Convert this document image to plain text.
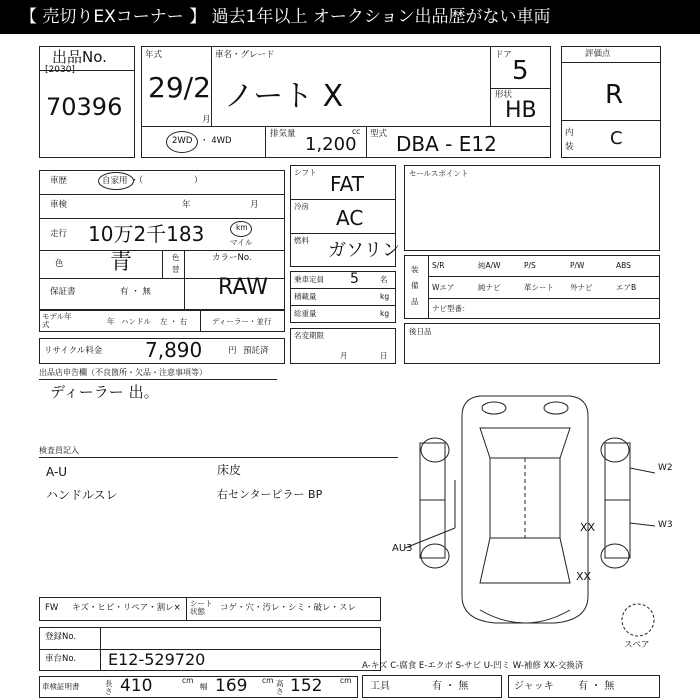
【 売切りEXコーナー 】 過去1年以上 オークション出品歴がない車両
出品No.
[2030]
70396
年式
29/2
月
車名・グレード
ノート X
ドア
5
形状
HB
2WD ・ 4WD
排気量 1,200
cc 型式 DBA - E12
評価点
R
内装 C
車歴	自家用 ・（　　　　　　）
車検	年	月
走行 10万2千183	km
マイル
色 青	色替
カラーNo.
RAW
保証書	有 ・ 無
モデル年式	年 ハンドル 左 ・ 右	ディーラー・並行
リサイクル料金 7,890	円 預託済
シフト FAT
冷房 AC
燃料 ガソリン
乗車定員 5	名
積載量	kg
総重量	kg
名変期限
月	日
セールスポイント
装備品
S/R	純A/W	P/S	P/W	ABS
Wエア	純ナビ	革シート 外ナビ	エアB
ナビ型番：
後日品
出品店申告欄（不良箇所・欠品・注意事項等）
ディーラー 出。
検査員記入
A-U
ハンドルスレ
床皮
右センターピラー BP
W2
XX	W3
AU3
XX
スペア
FW キズ・ヒビ・リペア・割レ× シート状態	コゲ・穴・汚レ・シミ・破レ・スレ
登録No.
車台No. E12-529720
車検証明書	長さ 410	cm
幅 169 cm 高さ 152 cm
A-キズ C-腐食 E-エクボ S-サビ U-凹ミ W-補修 XX-交換済
工具	有 ・ 無	ジャッキ 有 ・ 無
